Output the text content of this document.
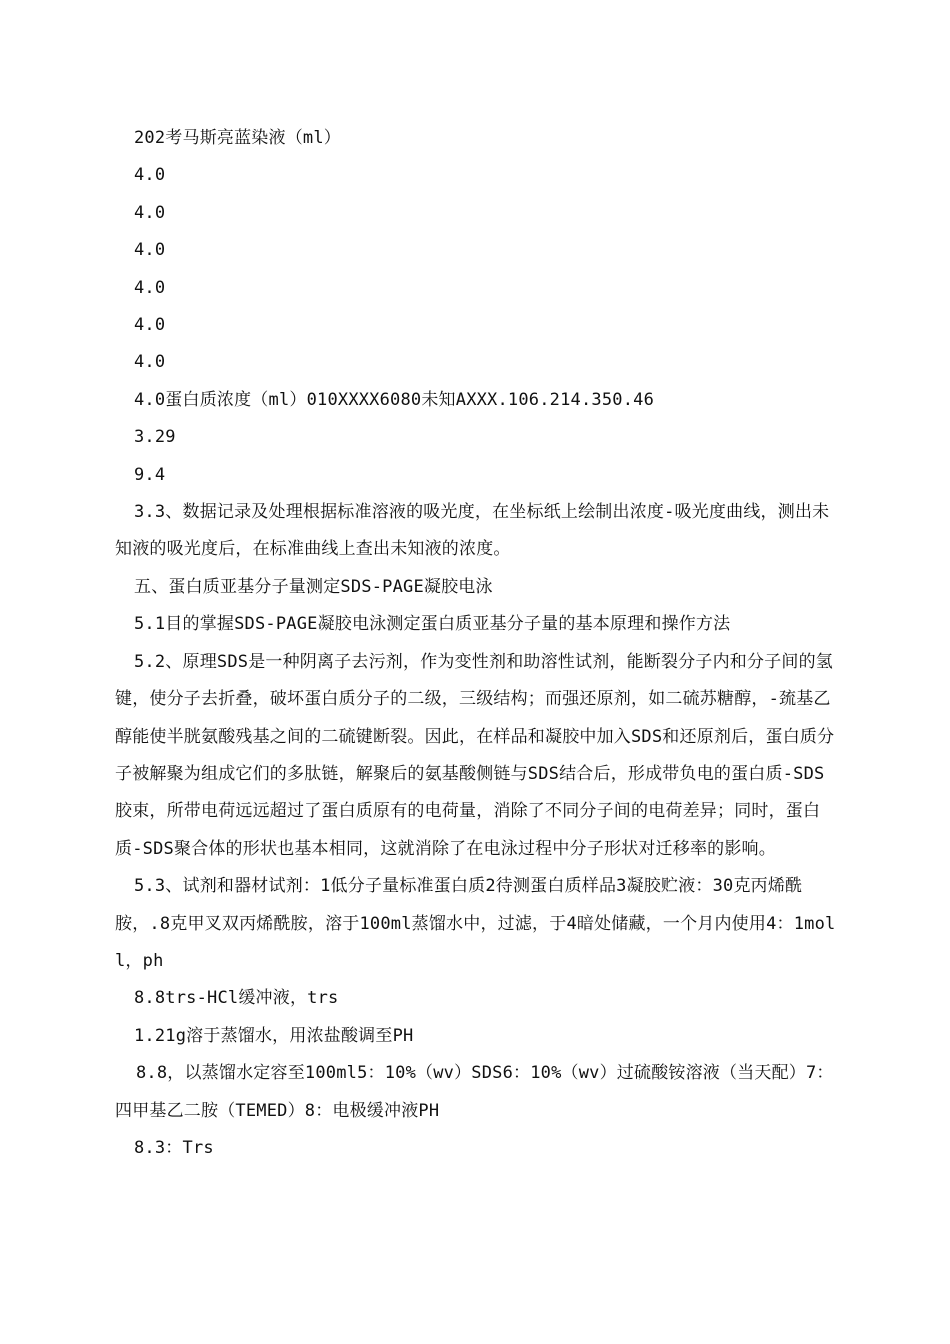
202考马斯亮蓝染液（ml）

4.0

4.0

4.0

4.0

4.0

4.0

4.0蛋白质浓度（ml）010XXXX6080未知AXXX.106.214.350.46

3.29

9.4

3.3、数据记录及处理根据标准溶液的吸光度，在坐标纸上绘制出浓度-吸光度曲线，测出未知液的吸光度后，在标准曲线上查出未知液的浓度。

五、蛋白质亚基分子量测定SDS-PAGE凝胶电泳

5.1目的掌握SDS-PAGE凝胶电泳测定蛋白质亚基分子量的基本原理和操作方法

5.2、原理SDS是一种阴离子去污剂，作为变性剂和助溶性试剂，能断裂分子内和分子间的氢键，使分子去折叠，破坏蛋白质分子的二级，三级结构；而强还原剂，如二硫苏糖醇，-巯基乙醇能使半胱氨酸残基之间的二硫键断裂。因此，在样品和凝胶中加入SDS和还原剂后，蛋白质分子被解聚为组成它们的多肽链，解聚后的氨基酸侧链与SDS结合后，形成带负电的蛋白质-SDS胶束，所带电荷远远超过了蛋白质原有的电荷量，消除了不同分子间的电荷差异；同时，蛋白质-SDS聚合体的形状也基本相同，这就消除了在电泳过程中分子形状对迁移率的影响。

5.3、试剂和器材试剂：1低分子量标准蛋白质2待测蛋白质样品3凝胶贮液：30克丙烯酰胺，.8克甲叉双丙烯酰胺，溶于100ml蒸馏水中，过滤，于4暗处储藏，一个月内使用4：1moll，ph

8.8trs-HCl缓冲液，trs

1.21g溶于蒸馏水，用浓盐酸调至PH

8.8，以蒸馏水定容至100ml5：10%（wv）SDS6：10%（wv）过硫酸铵溶液（当天配）7：四甲基乙二胺（TEMED）8：电极缓冲液PH

8.3：Trs
